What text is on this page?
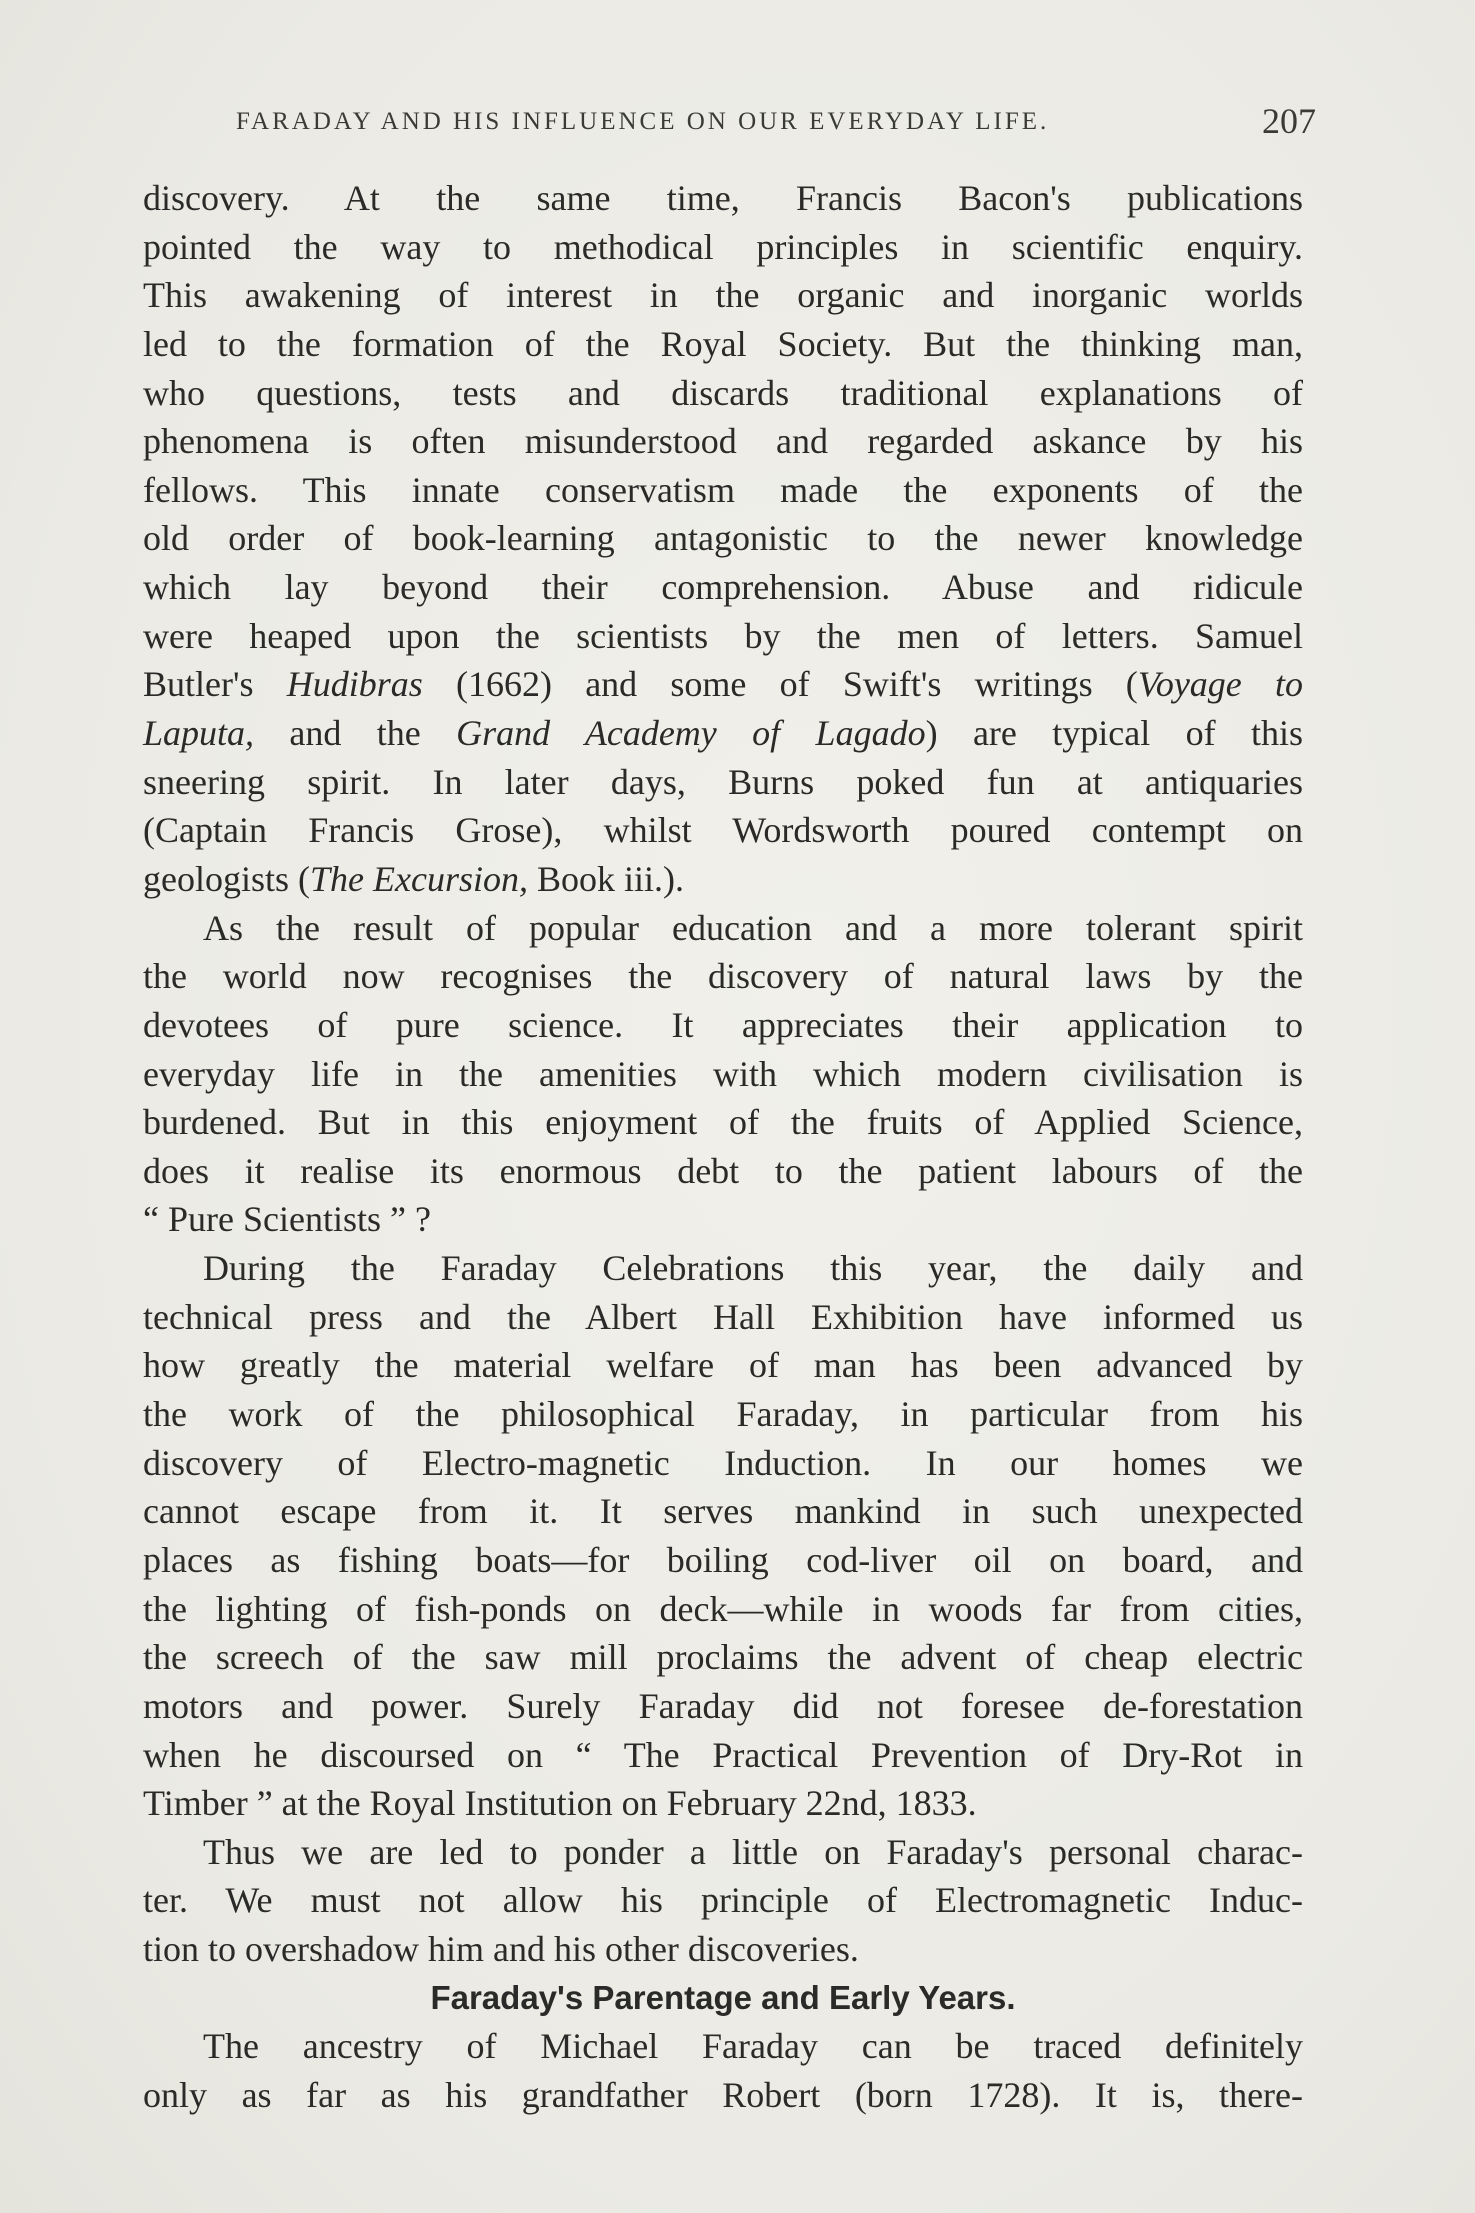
FARADAY AND HIS INFLUENCE ON OUR EVERYDAY LIFE.	207
discovery. At the same time, Francis Bacon's publications
pointed the way to methodical principles in scientific enquiry.
This awakening of interest in the organic and inorganic worlds
led to the formation of the Royal Society. But the thinking man,
who questions, tests and discards traditional explanations of
phenomena is often misunderstood and regarded askance by his
fellows. This innate conservatism made the exponents of the
old order of book-learning antagonistic to the newer knowledge
which lay beyond their comprehension. Abuse and ridicule
were heaped upon the scientists by the men of letters. Samuel
Butler's Hudibras (1662) and some of Swift's writings (Voyage to
Laputa, and the Grand Academy of Lagado) are typical of this
sneering spirit. In later days, Burns poked fun at antiquaries
(Captain Francis Grose), whilst Wordsworth poured contempt on
geologists (The Excursion, Book iii.).
As the result of popular education and a more tolerant spirit
the world now recognises the discovery of natural laws by the
devotees of pure science. It appreciates their application to
everyday life in the amenities with which modern civilisation is
burdened. But in this enjoyment of the fruits of Applied Science,
does it realise its enormous debt to the patient labours of the
“ Pure Scientists ” ?
During the Faraday Celebrations this year, the daily and
technical press and the Albert Hall Exhibition have informed us
how greatly the material welfare of man has been advanced by
the work of the philosophical Faraday, in particular from his
discovery of Electro-magnetic Induction. In our homes we
cannot escape from it. It serves mankind in such unexpected
places as fishing boats—for boiling cod-liver oil on board, and
the lighting of fish-ponds on deck—while in woods far from cities,
the screech of the saw mill proclaims the advent of cheap electric
motors and power. Surely Faraday did not foresee de-forestation
when he discoursed on “ The Practical Prevention of Dry-Rot in
Timber ” at the Royal Institution on February 22nd, 1833.
Thus we are led to ponder a little on Faraday's personal charac-
ter. We must not allow his principle of Electromagnetic Induc-
tion to overshadow him and his other discoveries.
Faraday's Parentage and Early Years.
The ancestry of Michael Faraday can be traced definitely
only as far as his grandfather Robert (born 1728). It is, there-
